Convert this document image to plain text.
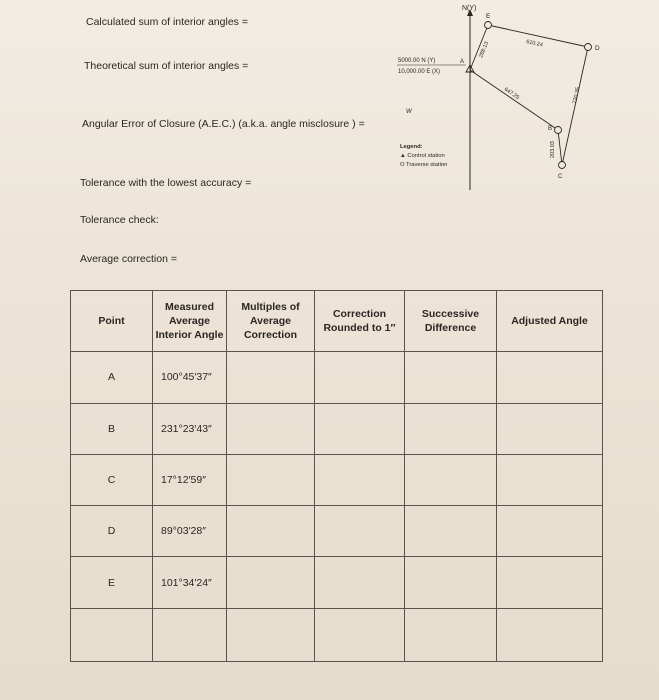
Calculated sum of interior angles =
Theoretical sum of interior angles =
Angular Error of Closure (A.E.C.) (a.k.a. angle misclosure ) =
Tolerance with the lowest accuracy =
Tolerance check:
Average correction =
N(Y)
E
5000.00 N (Y)
10,000.00 E (X)
A
W
D
B
C
610.24
288.13
647.25
203.03
720.35
Legend:
▲ Control station
O Traverse station
Point	Measured Average Interior Angle	Multiples of Average Correction	Correction Rounded to 1″	Successive Difference	Adjusted Angle
A	100°45′37″				
B	231°23′43″				
C	17°12′59″				
D	89°03′28″				
E	101°34′24″				
